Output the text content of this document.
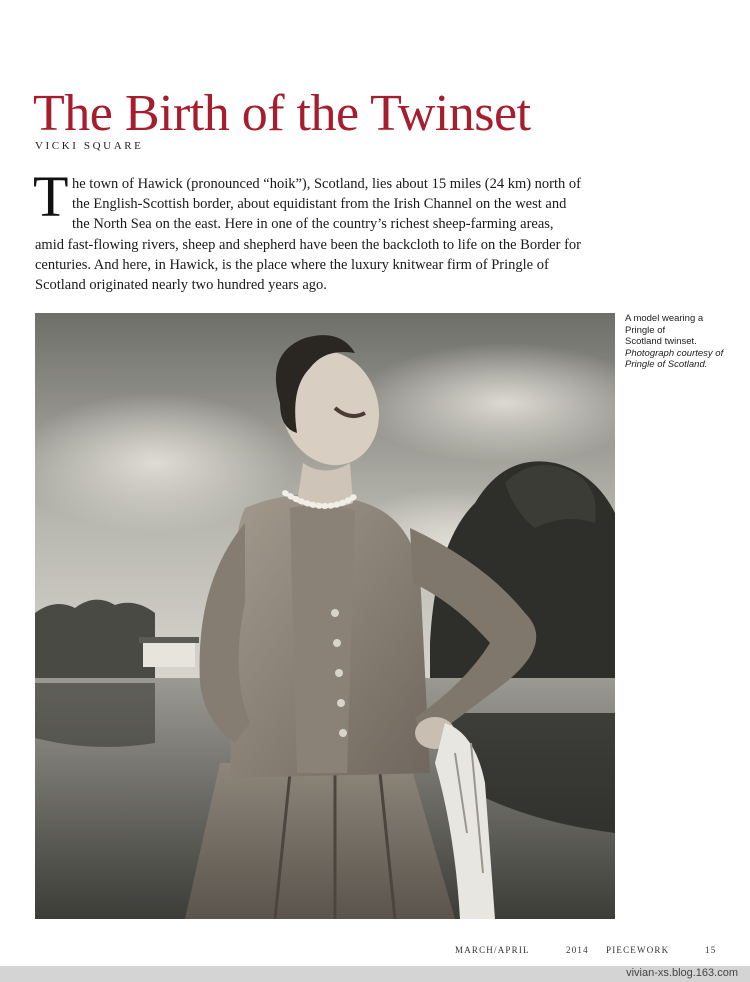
The Birth of the Twinset
VICKI SQUARE
T he town of Hawick (pronounced “hoik”), Scotland, lies about 15 miles (24 km) north of
the English-Scottish border, about equidistant from the Irish Channel on the west and
the North Sea on the east. Here in one of the country’s richest sheep-farming areas,
amid fast-flowing rivers, sheep and shepherd have been the backcloth to life on the Border for
centuries. And here, in Hawick, is the place where the luxury knitwear firm of Pringle of
Scotland originated nearly two hundred years ago.
A model wearing a
Pringle of
Scotland twinset.
Photograph courtesy of
Pringle of Scotland.
MARCH/APRIL	2014 PIECEWORK	15
vivian-xs.blog.163.com
